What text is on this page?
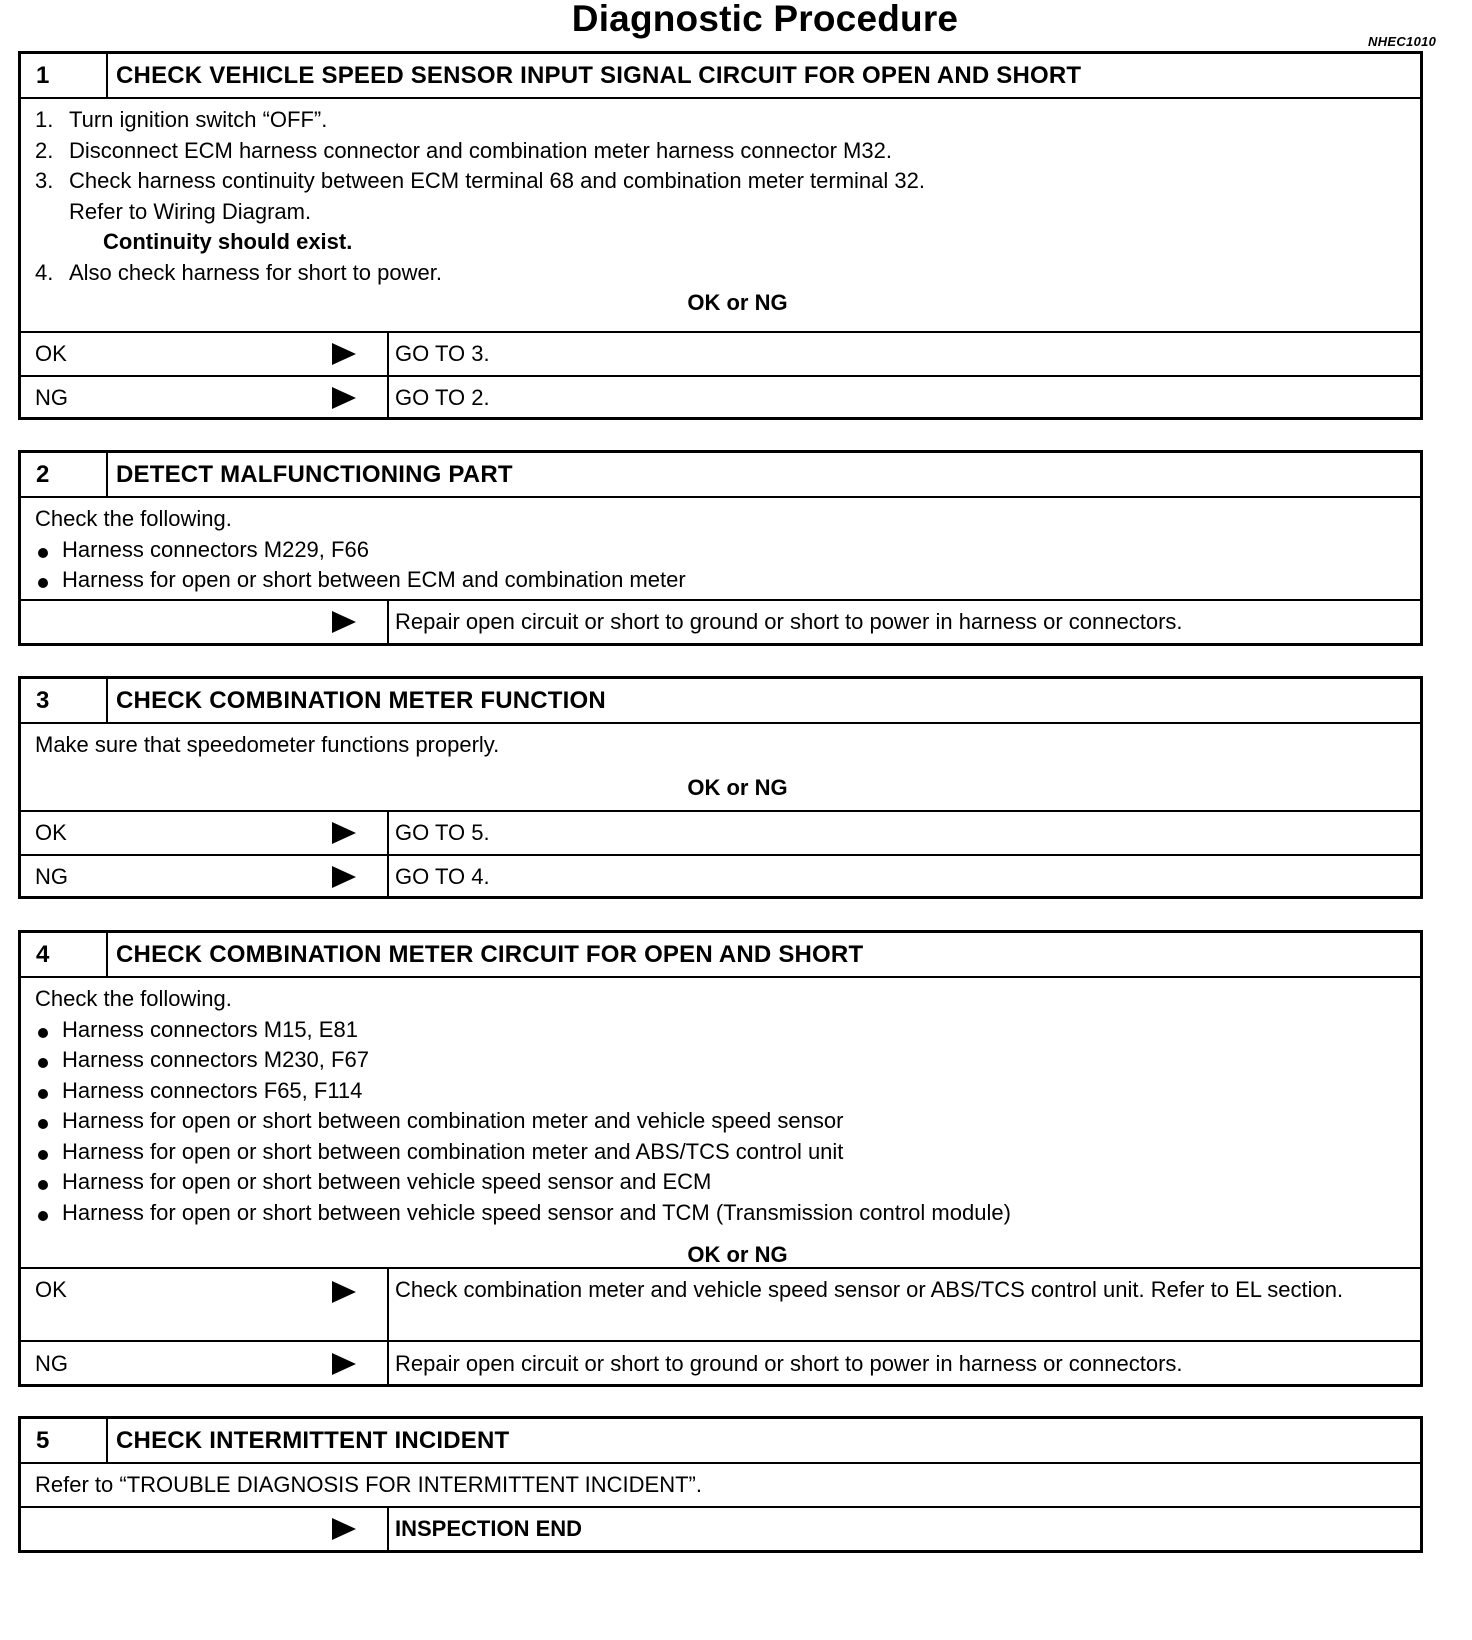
Diagnostic Procedure
NHEC1010
1	CHECK VEHICLE SPEED SENSOR INPUT SIGNAL CIRCUIT FOR OPEN AND SHORT
1. Turn ignition switch “OFF”.
2. Disconnect ECM harness connector and combination meter harness connector M32.
3. Check harness continuity between ECM terminal 68 and combination meter terminal 32.
Refer to Wiring Diagram.
Continuity should exist.
4. Also check harness for short to power.
OK or NG
OK	GO TO 3.
NG	GO TO 2.
2	DETECT MALFUNCTIONING PART
Check the following.
Harness connectors M229, F66
Harness for open or short between ECM and combination meter
Repair open circuit or short to ground or short to power in harness or connectors.
3	CHECK COMBINATION METER FUNCTION
Make sure that speedometer functions properly.
OK or NG
OK	GO TO 5.
NG	GO TO 4.
4	CHECK COMBINATION METER CIRCUIT FOR OPEN AND SHORT
Check the following.
Harness connectors M15, E81
Harness connectors M230, F67
Harness connectors F65, F114
Harness for open or short between combination meter and vehicle speed sensor
Harness for open or short between combination meter and ABS/TCS control unit
Harness for open or short between vehicle speed sensor and ECM
Harness for open or short between vehicle speed sensor and TCM (Transmission control module)
OK or NG
OK	Check combination meter and vehicle speed sensor or ABS/TCS control unit. Refer to EL section.
NG	Repair open circuit or short to ground or short to power in harness or connectors.
5	CHECK INTERMITTENT INCIDENT
Refer to “TROUBLE DIAGNOSIS FOR INTERMITTENT INCIDENT”.
INSPECTION END
